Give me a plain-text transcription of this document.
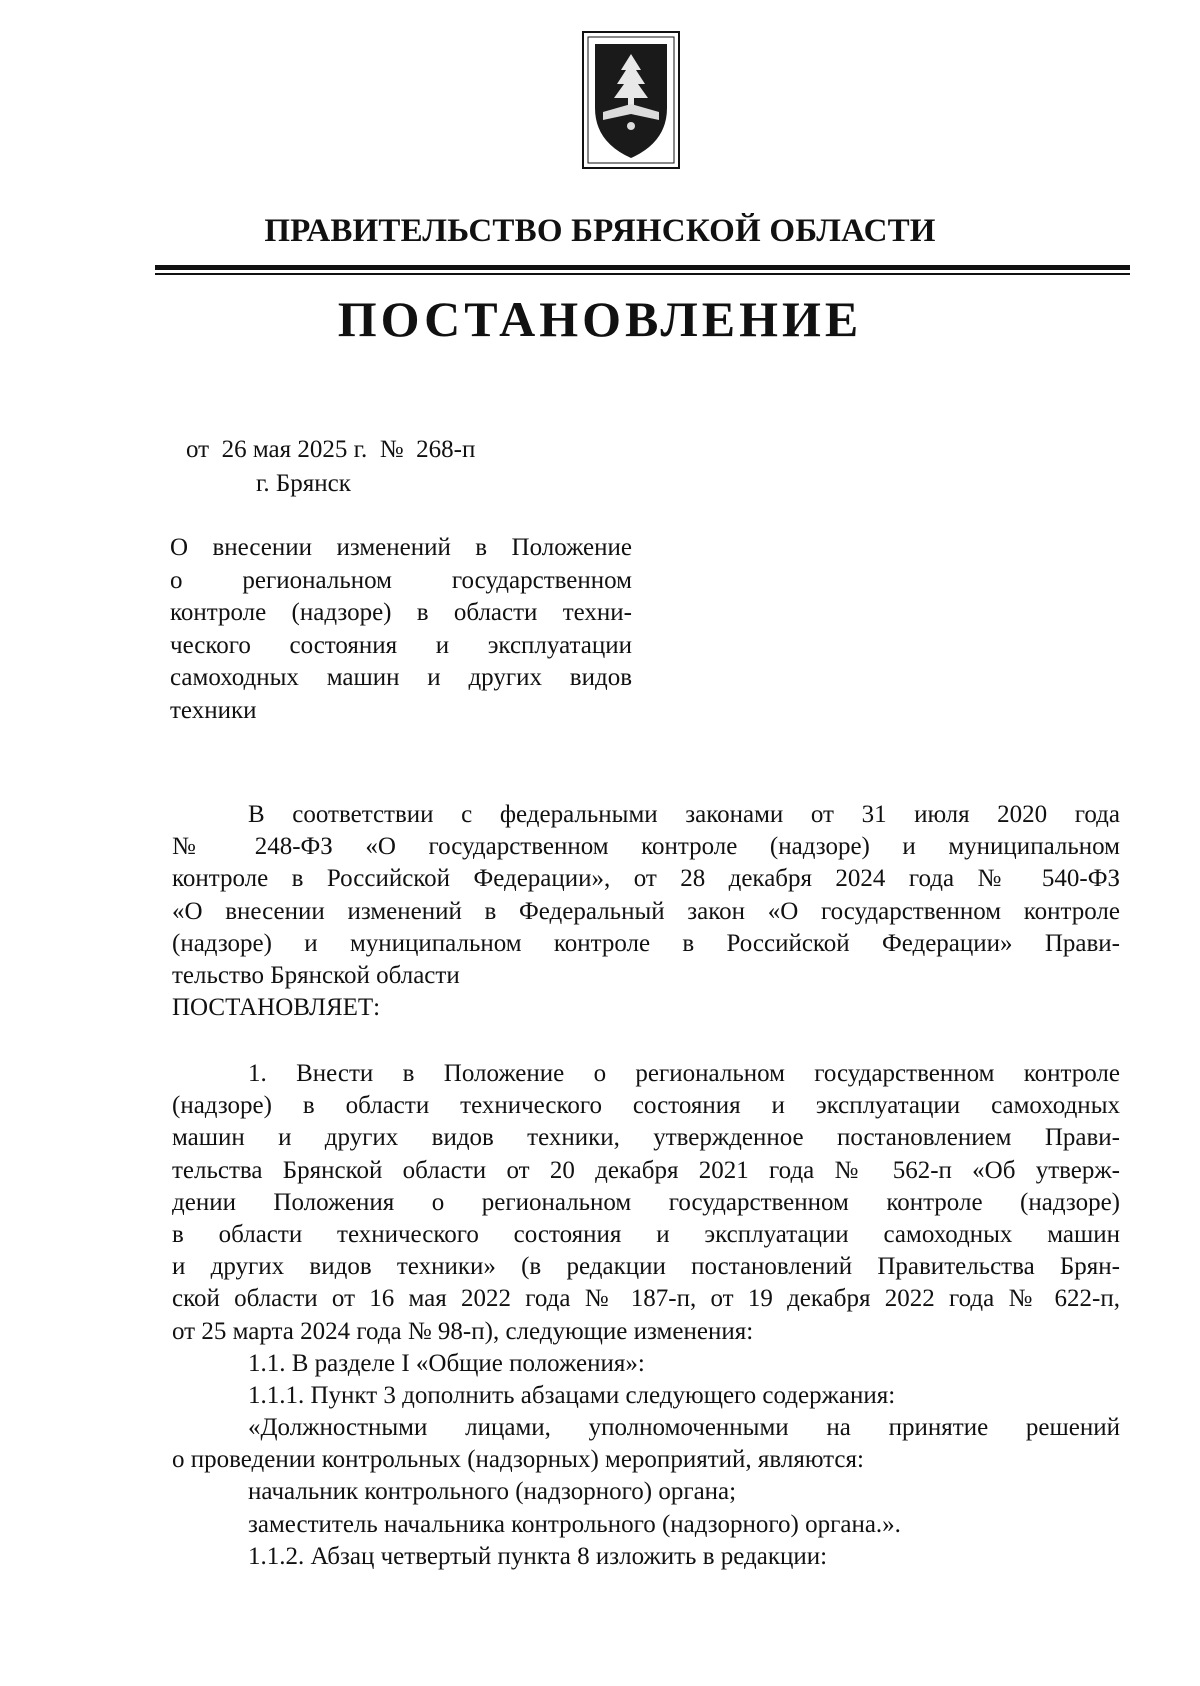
ПРАВИТЕЛЬСТВО БРЯНСКОЙ ОБЛАСТИ
ПОСТАНОВЛЕНИЕ
от  26 мая 2025 г.  №  268-п
г. Брянск
О внесении изменений в Положение
о региональном государственном
контроле (надзоре) в области техни-
ческого состояния и эксплуатации
самоходных машин и других видов
техники
В соответствии с федеральными законами от 31 июля 2020 года
№ 248-ФЗ «О государственном контроле (надзоре) и муниципальном
контроле в Российской Федерации», от 28 декабря 2024 года № 540-ФЗ
«О внесении изменений в Федеральный закон «О государственном контроле
(надзоре) и муниципальном контроле в Российской Федерации» Прави-
тельство Брянской области
ПОСТАНОВЛЯЕТ:
1. Внести в Положение о региональном государственном контроле
(надзоре) в области технического состояния и эксплуатации самоходных
машин и других видов техники, утвержденное постановлением Прави-
тельства Брянской области от 20 декабря 2021 года № 562-п «Об утверж-
дении Положения о региональном государственном контроле (надзоре)
в области технического состояния и эксплуатации самоходных машин
и других видов техники» (в редакции постановлений Правительства Брян-
ской области от 16 мая 2022 года № 187-п, от 19 декабря 2022 года № 622-п,
от 25 марта 2024 года № 98-п), следующие изменения:
1.1. В разделе I «Общие положения»:
1.1.1. Пункт 3 дополнить абзацами следующего содержания:
«Должностными лицами, уполномоченными на принятие решений
о проведении контрольных (надзорных) мероприятий, являются:
начальник контрольного (надзорного) органа;
заместитель начальника контрольного (надзорного) органа.».
1.1.2. Абзац четвертый пункта 8 изложить в редакции:
